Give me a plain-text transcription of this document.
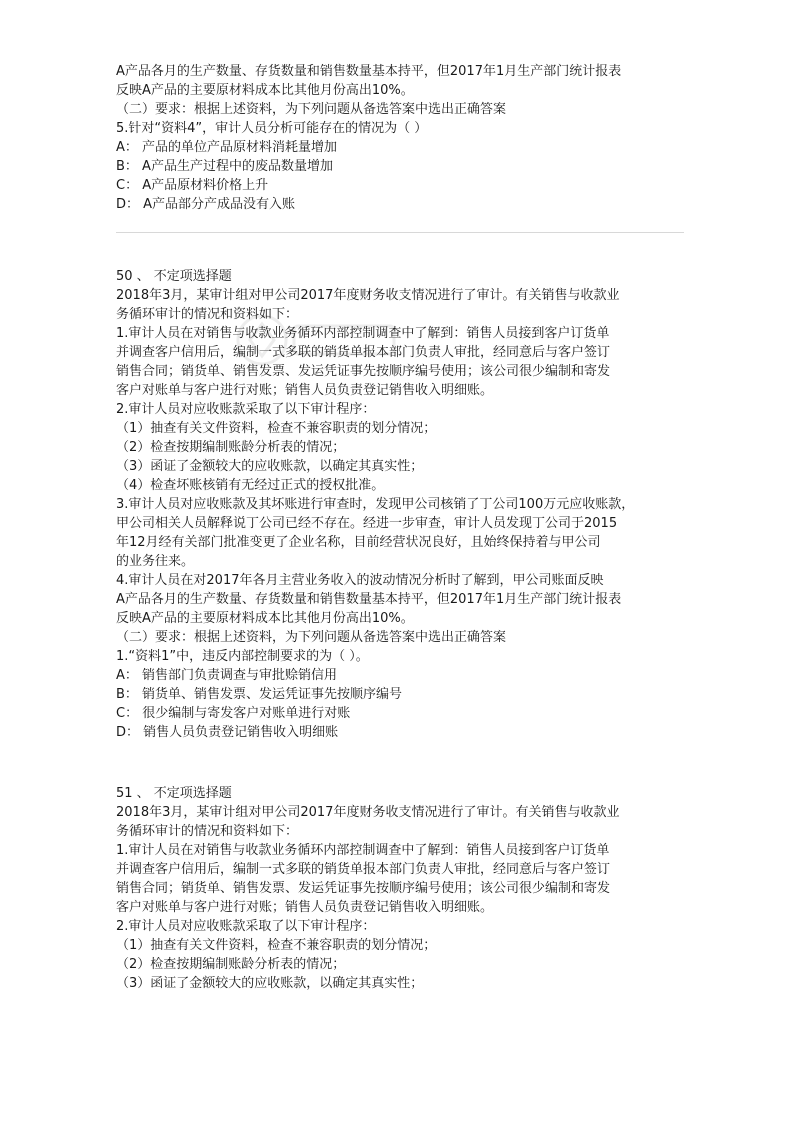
A产品各月的生产数量、存货数量和销售数量基本持平，但2017年1月生产部门统计报表
反映A产品的主要原材料成本比其他月份高出10%。
（二）要求：根据上述资料，为下列问题从备选答案中选出正确答案
5.针对“资料4”，审计人员分析可能存在的情况为（ ）
A： 产品的单位产品原材料消耗量增加
B： A产品生产过程中的废品数量增加
C： A产品原材料价格上升
D： A产品部分产成品没有入账
50 、 不定项选择题
2018年3月，某审计组对甲公司2017年度财务收支情况进行了审计。有关销售与收款业
务循环审计的情况和资料如下：
1.审计人员在对销售与收款业务循环内部控制调查中了解到：销售人员接到客户订货单
并调查客户信用后，编制一式多联的销货单报本部门负责人审批，经同意后与客户签订
销售合同；销货单、销售发票、发运凭证事先按顺序编号使用；该公司很少编制和寄发
客户对账单与客户进行对账；销售人员负责登记销售收入明细账。
2.审计人员对应收账款采取了以下审计程序：
（1）抽查有关文件资料，检查不兼容职责的划分情况；
（2）检查按期编制账龄分析表的情况；
（3）函证了金额较大的应收账款，以确定其真实性；
（4）检查坏账核销有无经过正式的授权批准。
3.审计人员对应收账款及其坏账进行审查时，发现甲公司核销了丁公司100万元应收账款，
甲公司相关人员解释说丁公司已经不存在。经进一步审查，审计人员发现丁公司于2015
年12月经有关部门批准变更了企业名称，目前经营状况良好，且始终保持着与甲公司
的业务往来。
4.审计人员在对2017年各月主营业务收入的波动情况分析时了解到，甲公司账面反映
A产品各月的生产数量、存货数量和销售数量基本持平，但2017年1月生产部门统计报表
反映A产品的主要原材料成本比其他月份高出10%。
（二）要求：根据上述资料，为下列问题从备选答案中选出正确答案
1.“资料1”中，违反内部控制要求的为（ ）。
A： 销售部门负责调查与审批赊销信用
B： 销货单、销售发票、发运凭证事先按顺序编号
C： 很少编制与寄发客户对账单进行对账
D： 销售人员负责登记销售收入明细账
51 、 不定项选择题
2018年3月，某审计组对甲公司2017年度财务收支情况进行了审计。有关销售与收款业
务循环审计的情况和资料如下：
1.审计人员在对销售与收款业务循环内部控制调查中了解到：销售人员接到客户订货单
并调查客户信用后，编制一式多联的销货单报本部门负责人审批，经同意后与客户签订
销售合同；销货单、销售发票、发运凭证事先按顺序编号使用；该公司很少编制和寄发
客户对账单与客户进行对账；销售人员负责登记销售收入明细账。
2.审计人员对应收账款采取了以下审计程序：
（1）抽查有关文件资料，检查不兼容职责的划分情况；
（2）检查按期编制账龄分析表的情况；
（3）函证了金额较大的应收账款，以确定其真实性；
